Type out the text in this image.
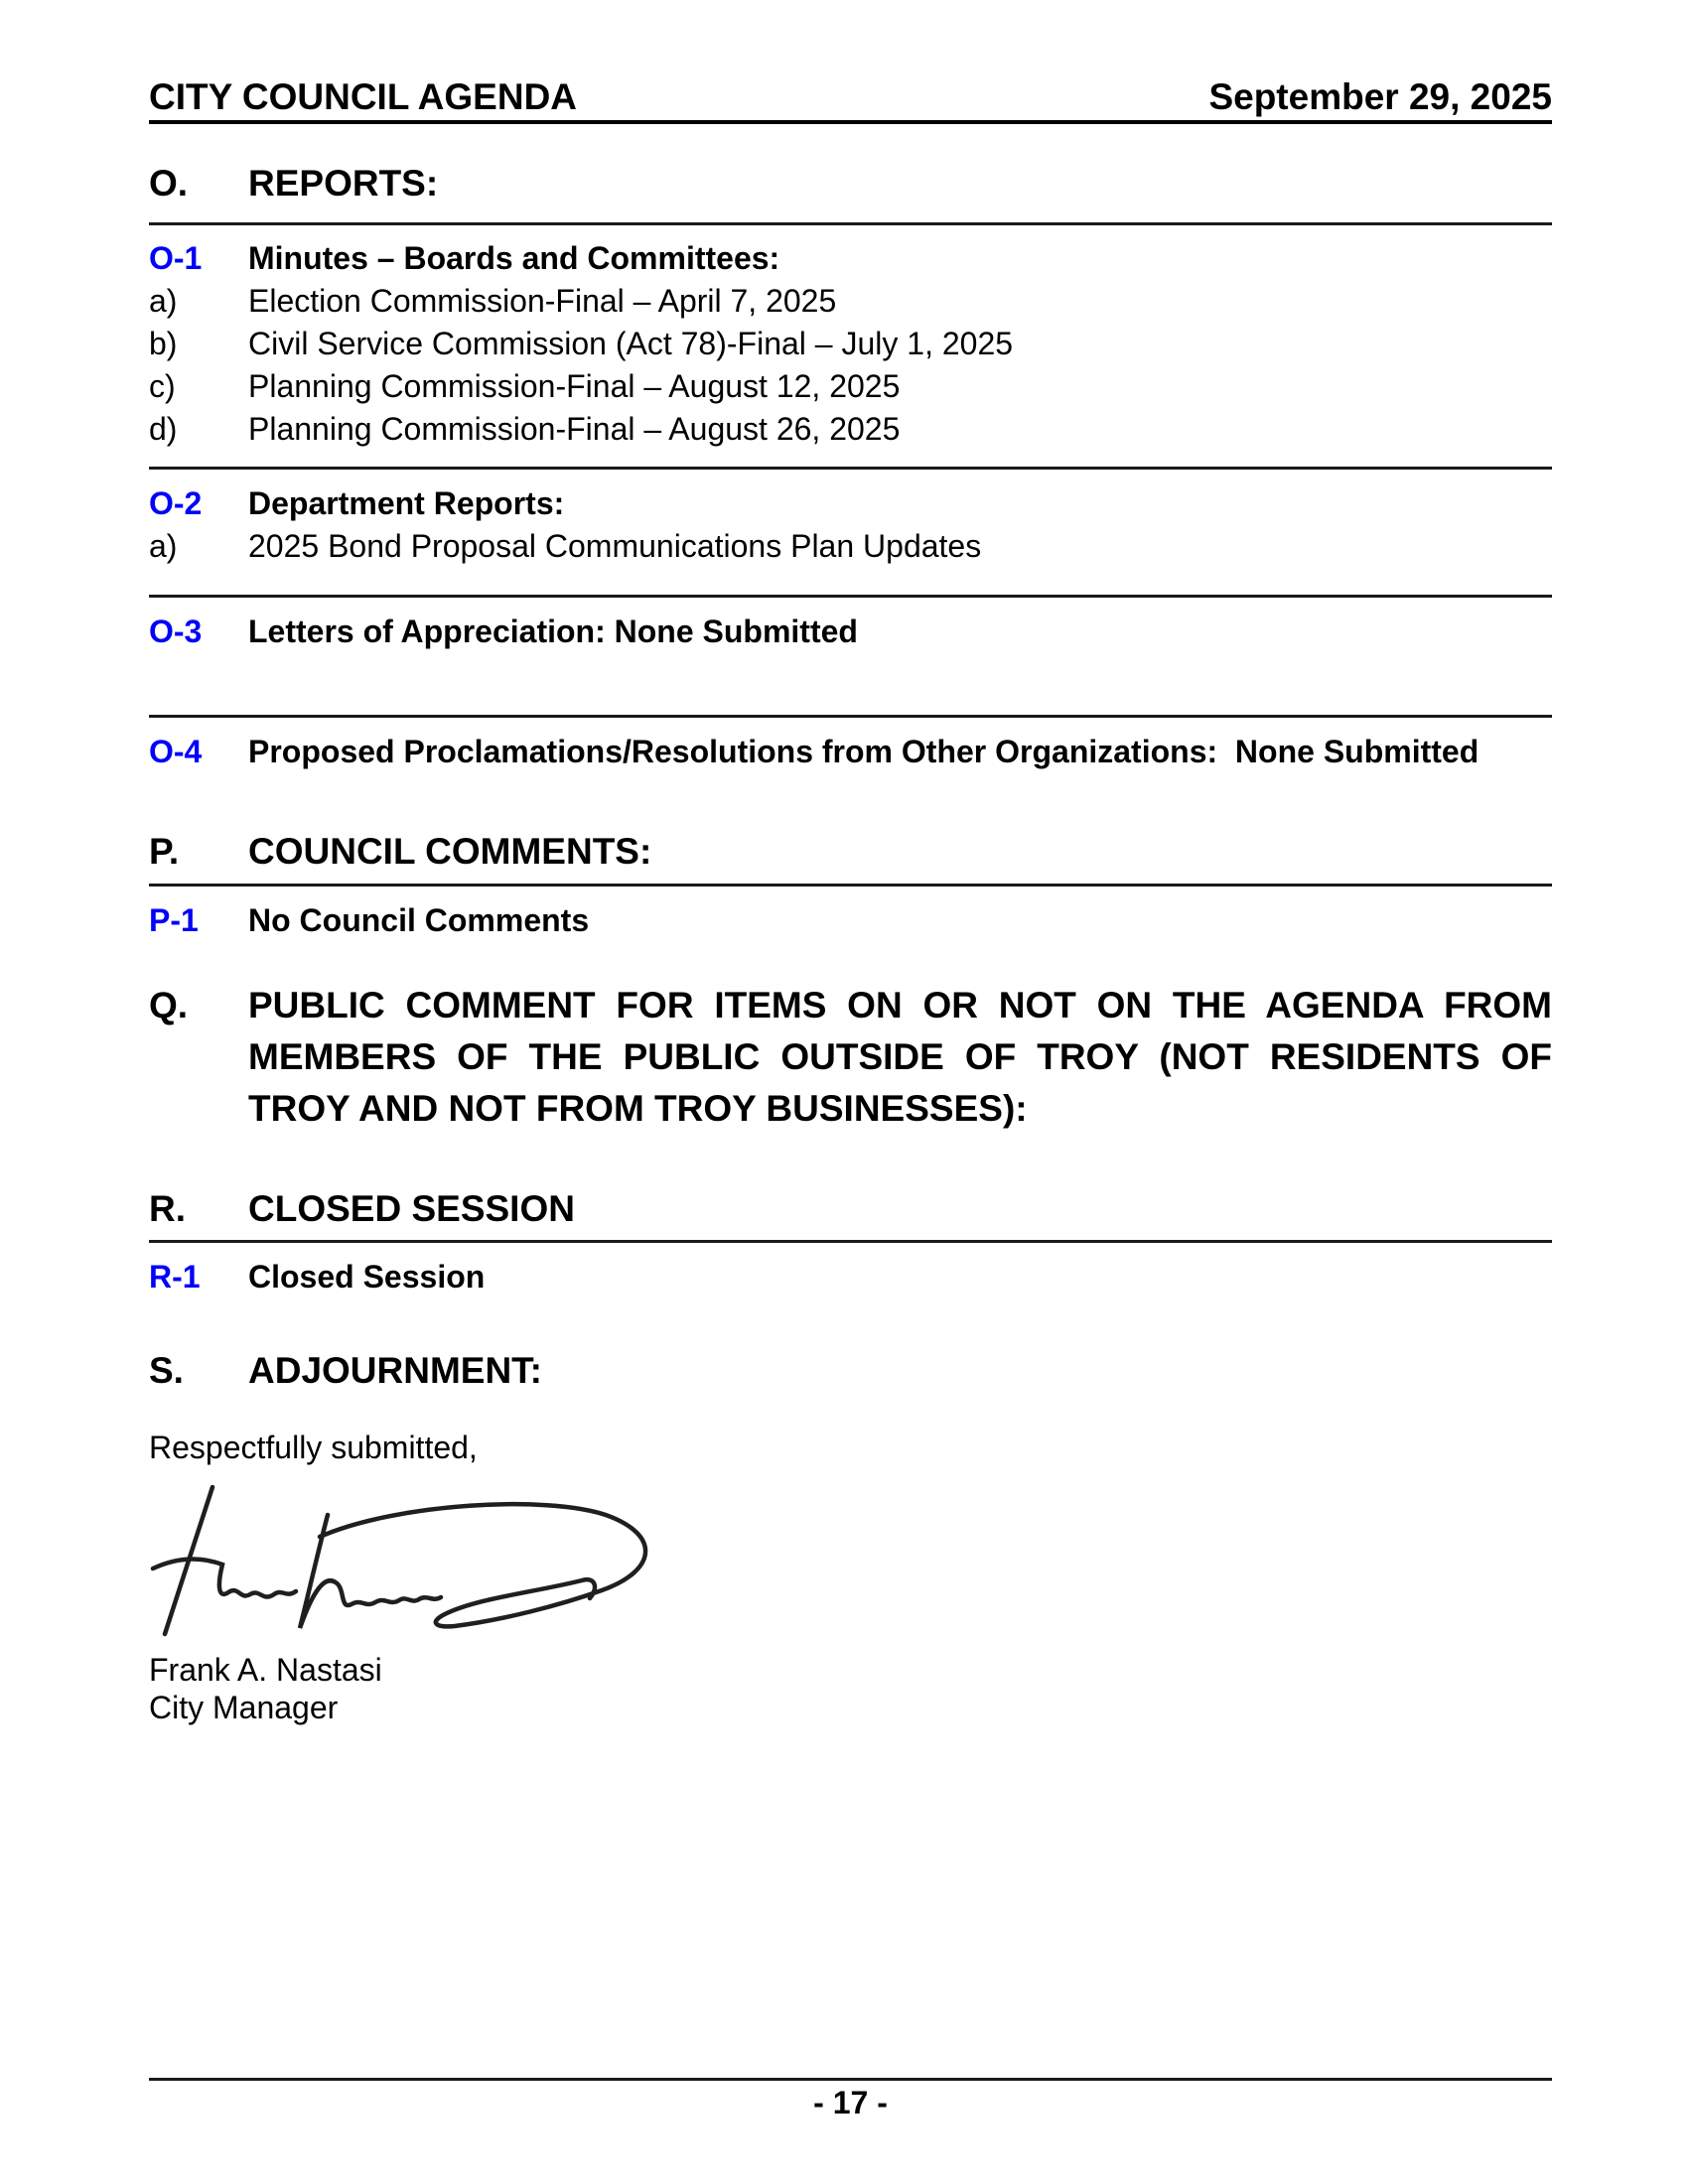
CITY COUNCIL AGENDA	September 29, 2025
O.	REPORTS:
O-1	Minutes – Boards and Committees:
a)	Election Commission-Final – April 7, 2025
b)	Civil Service Commission (Act 78)-Final – July 1, 2025
c)	Planning Commission-Final – August 12, 2025
d)	Planning Commission-Final – August 26, 2025
O-2	Department Reports:
a)	2025 Bond Proposal Communications Plan Updates
O-3	Letters of Appreciation: None Submitted
O-4	Proposed Proclamations/Resolutions from Other Organizations:  None Submitted
P.	COUNCIL COMMENTS:
P-1	No Council Comments
Q.	PUBLIC COMMENT FOR ITEMS ON OR NOT ON THE AGENDA FROM
MEMBERS OF THE PUBLIC OUTSIDE OF TROY (NOT RESIDENTS OF
TROY AND NOT FROM TROY BUSINESSES):
R.	CLOSED SESSION
R-1	Closed Session
S.	ADJOURNMENT:
Respectfully submitted,
Frank A. Nastasi
City Manager
- 17 -
